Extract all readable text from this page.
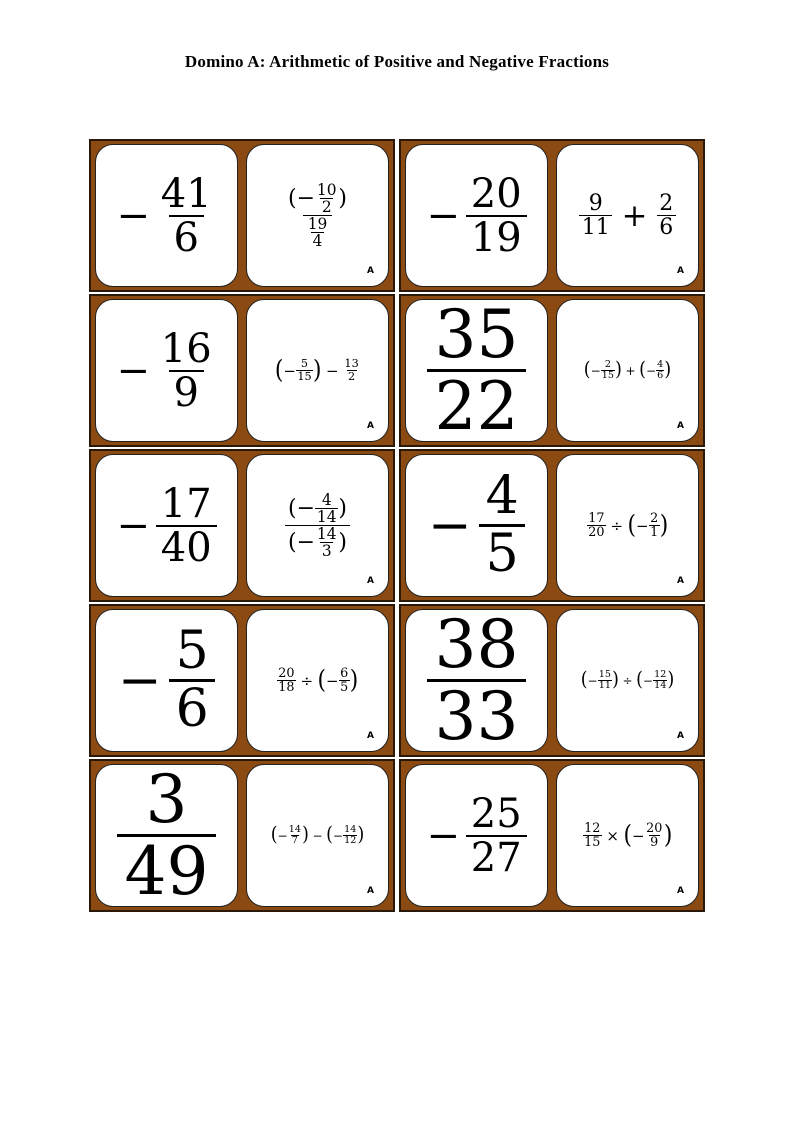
Domino A: Arithmetic of Positive and Negative Fractions
− $\frac{41}{6}$	$\frac{( - \frac{10}{2} )}{\frac{19}{4}}$
A
− $\frac{20}{19} \frac{9}{11} + \frac{2}{6}$
A
− $\frac{16}{9}$	( − $\frac{5}{15}$ ) − $\frac{13}{2}$
A $\frac{35}{22}$	( − $\frac{2}{15}$ ) + ( − $\frac{4}{6}$ )
A
− $\frac{17}{40}$	$\frac{( - \frac{4}{14} )}{( - \frac{14}{3} )}$
A
− $\frac{4}{5}$	$\frac{17}{20}$ ÷ ( − $\frac{2}{1}$ )
A
− $\frac{5}{6}$	$\frac{20}{18}$ ÷ ( − $\frac{6}{5}$ )
A $\frac{38}{33}$	( − $\frac{15}{11}$ ) ÷ ( − $\frac{12}{14}$ )
A
$\frac{3}{49}$	( − $\frac{14}{7}$ ) − ( − $\frac{14}{12}$ )
A
− $\frac{25}{27}$	$\frac{12}{15}$ × ( − $\frac{20}{9}$ )
A
